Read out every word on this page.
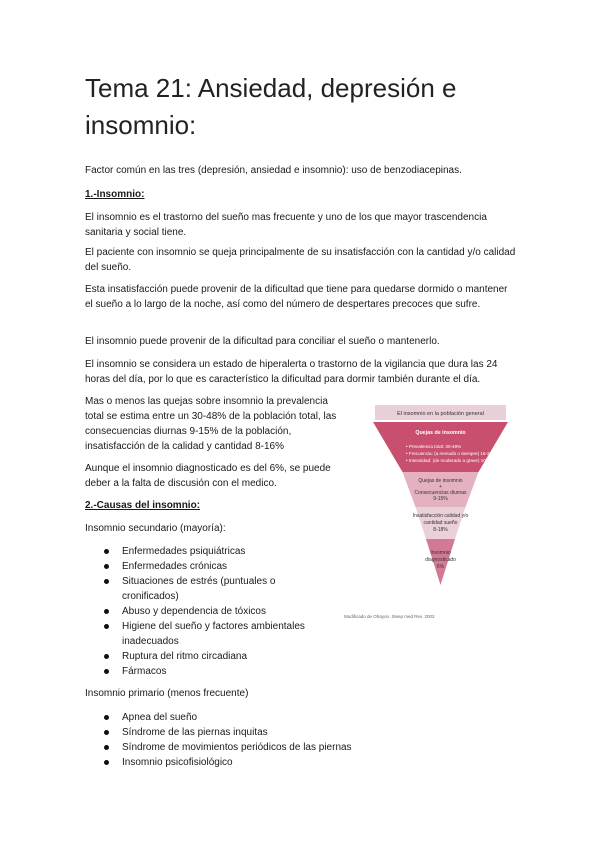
Tema 21: Ansiedad, depresión e insomnio:

Factor común en las tres (depresión, ansiedad e insomnio): uso de benzodiacepinas.

1.-Insomnio:

El insomnio es el trastorno del sueño mas frecuente y uno de los que mayor trascendencia sanitaria y social tiene.

El paciente con insomnio se queja principalmente de su insatisfacción con la cantidad y/o calidad del sueño.

Esta insatisfacción puede provenir de la dificultad que tiene para quedarse dormido o mantener el sueño a lo largo de la noche, así como del número de despertares precoces que sufre.

El insomnio puede provenir de la dificultad para conciliar el sueño o mantenerlo.

El insomnio se considera un estado de hiperalerta o trastorno de la vigilancia que dura las 24 horas del día, por lo que es característico la dificultad para dormir también durante el día.

Mas o menos las quejas sobre insomnio la prevalencia total se estima entre un 30-48% de la población total, las consecuencias diurnas 9-15% de la población, insatisfacción de la calidad y cantidad 8-16%

Aunque el insomnio diagnosticado es del 6%, se puede deber a la falta de discusión con el medico.

2.-Causas del insomnio:

Insomnio secundario (mayoría):

Enfermedades psiquiátricas
Enfermedades crónicas
Situaciones de estrés (puntuales o cronificados)
Abuso y dependencia de tóxicos
Higiene del sueño y factores ambientales inadecuados
Ruptura del ritmo circadiana
Fármacos

Insomnio primario (menos frecuente)

Apnea del sueño
Síndrome de las piernas inquitas
Síndrome de movimientos periódicos de las piernas
Insomnio psicofisiológico
El insomnio en la población general
Quejas de insomnio
• Prevalencia total: 30-48%
• Frecuencia: (a menudo o siempre) 16-21%
• Intensidad: (de moderado a grave) 10-28%
Quejas de insomnio
+
Consecuencias diurnas
9-15%
Insatisfacción calidad y/o
cantidad sueño
8-18%
Insomnio
diagnosticado
6%

Modificado de Ohayon. Sleep med Rev. 2002
